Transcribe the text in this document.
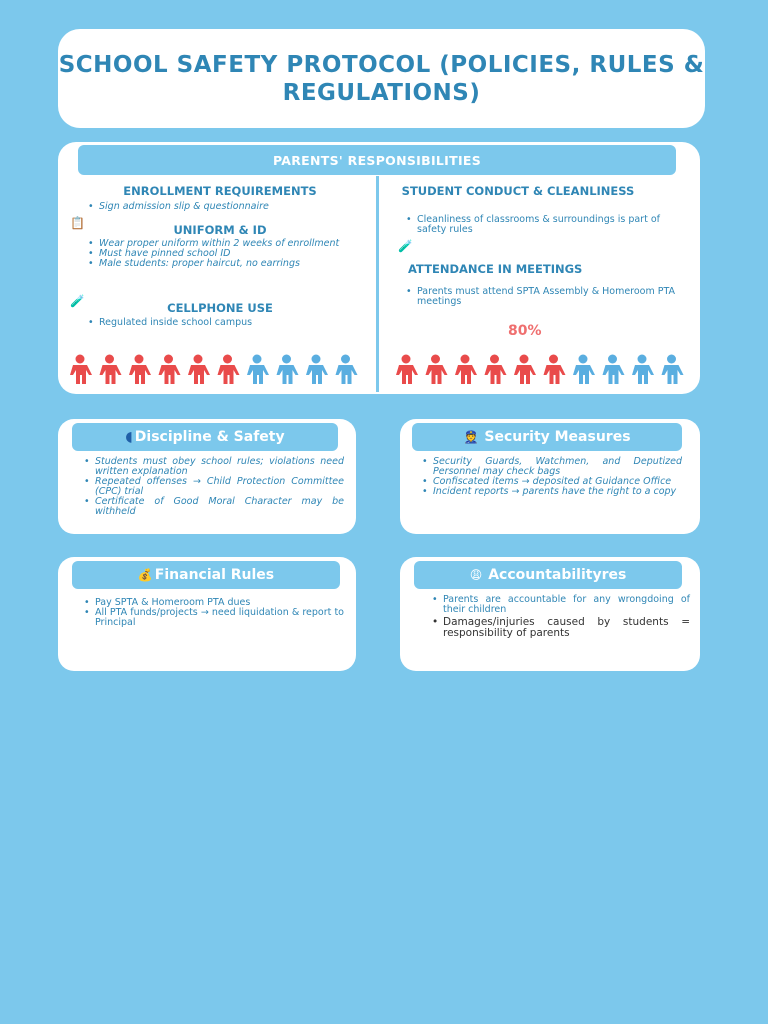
SCHOOL SAFETY PROTOCOL (POLICIES, RULES & REGULATIONS)
PARENTS' RESPONSIBILITIES
ENROLLMENT REQUIREMENTS
• Sign admission slip & questionnaire
📋	UNIFORM & ID
• Wear proper uniform within 2 weeks of enrollment
• Must have pinned school ID
• Male students: proper haircut, no earrings
🧪	CELLPHONE USE
• Regulated inside school campus
STUDENT CONDUCT & CLEANLINESS
• Cleanliness of classrooms & surroundings is part of safety rules
🧪
ATTENDANCE IN MEETINGS
• Parents must attend SPTA Assembly & Homeroom PTA meetings
80%
◖ Discipline & Safety
• Students must obey school rules; violations need written explanation
• Repeated offenses → Child Protection Committee (CPC) trial
• Certificate of Good Moral Character may be withheld
👮 Security Measures
• Security Guards, Watchmen, and Deputized Personnel may check bags
• Confiscated items → deposited at Guidance Office
• Incident reports → parents have the right to a copy
💰 Financial Rules
• Pay SPTA & Homeroom PTA dues
• All PTA funds/projects → need liquidation & report to Principal
😩 Accountabilityres
• Parents are accountable for any wrongdoing of their children
• Damages/injuries caused by students = responsibility of parents
